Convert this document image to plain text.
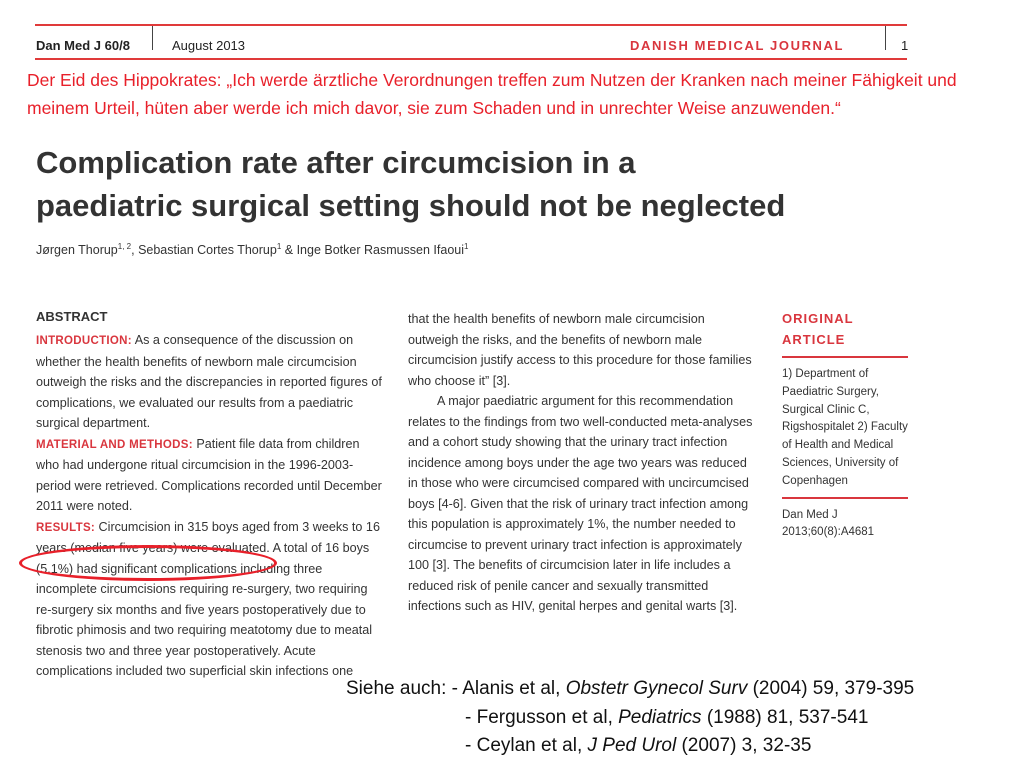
Dan Med J 60/8	August 2013	DANISH MEDICAL JOURNAL	1
Der Eid des Hippokrates: „Ich werde ärztliche Verordnungen treffen zum Nutzen der Kranken nach meiner Fähigkeit und meinem Urteil, hüten aber werde ich mich davor, sie zum Schaden und in unrechter Weise anzuwenden.“
Complication rate after circumcision in a
paediatric surgical setting should not be neglected
Jørgen Thorup$^{1, 2}$, Sebastian Cortes Thorup$^1$ & Inge Botker Rasmussen Ifaoui$^1$
ABSTRACT

INTRODUCTION: As a consequence of the discussion on whether the health benefits of newborn male circumcision outweigh the risks and the discrepancies in reported figures of complications, we evaluated our results from a paediatric surgical department.

MATERIAL AND METHODS: Patient file data from children who had undergone ritual circumcision in the 1996-2003-period were retrieved. Complications recorded until December 2011 were noted.

RESULTS: Circumcision in 315 boys aged from 3 weeks to 16 years (median five years) were evaluated. A total of 16 boys (5.1%) had significant complications including three incomplete circumcisions requiring re-surgery, two requiring re-surgery six months and five years postoperatively due to fibrotic phimosis and two requiring meatotomy due to meatal stenosis two and three year postoperatively. Acute complications included two superficial skin infections one

that the health benefits of newborn male circumcision outweigh the risks, and the benefits of newborn male circumcision justify access to this procedure for those families who choose it” [3].

A major paediatric argument for this recommendation relates to the findings from two well-conducted meta-analyses and a cohort study showing that the urinary tract infection incidence among boys under the age two years was reduced in those who were circumcised compared with uncircumcised boys [4-6]. Given that the risk of urinary tract infection among this population is approximately 1%, the number needed to circumcise to prevent urinary tract infection is approximately 100 [3]. The benefits of circumcision later in life includes a reduced risk of penile cancer and sexually transmitted infections such as HIV, genital herpes and genital warts [3].

ORIGINAL
ARTICLE
1) Department of Paediatric Surgery, Surgical Clinic C, Rigshospitalet 2) Faculty of Health and Medical Sciences, University of Copenhagen
Dan Med J 2013;60(8):A4681
Siehe auch: - Alanis et al, Obstetr Gynecol Surv (2004) 59, 379-395
- Fergusson et al, Pediatrics (1988) 81, 537-541
- Ceylan et al, J Ped Urol (2007) 3, 32-35
